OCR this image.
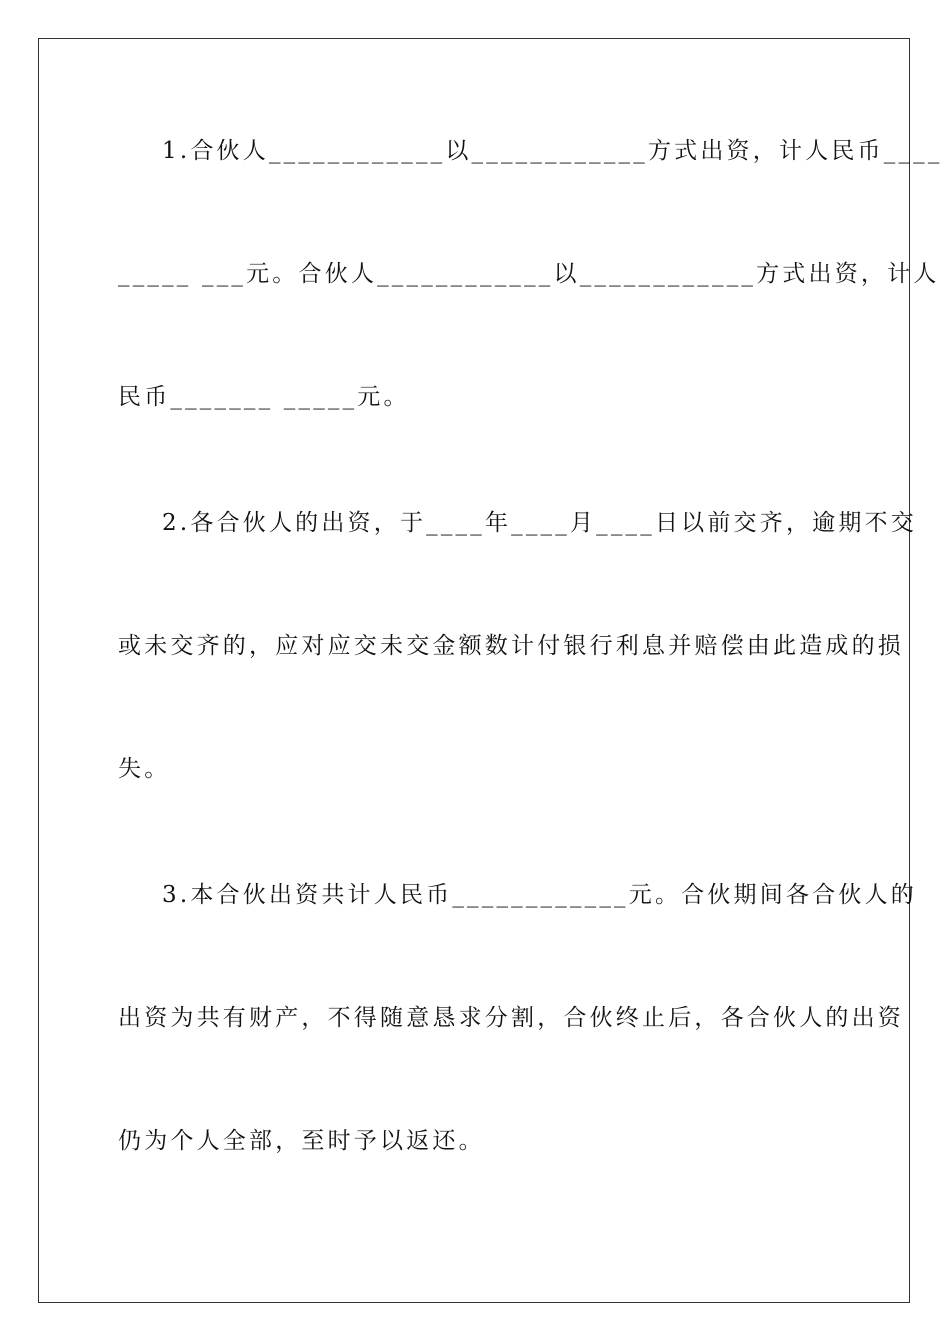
1.合伙人____________以____________方式出资，计人民币____
_____ ___元。合伙人____________以____________方式出资，计人
民币_______ _____元。
2.各合伙人的出资，于____年____月____日以前交齐，逾期不交
或未交齐的，应对应交未交金额数计付银行利息并赔偿由此造成的损
失。
3.本合伙出资共计人民币____________元。合伙期间各合伙人的
出资为共有财产，不得随意恳求分割，合伙终止后，各合伙人的出资
仍为个人全部，至时予以返还。
